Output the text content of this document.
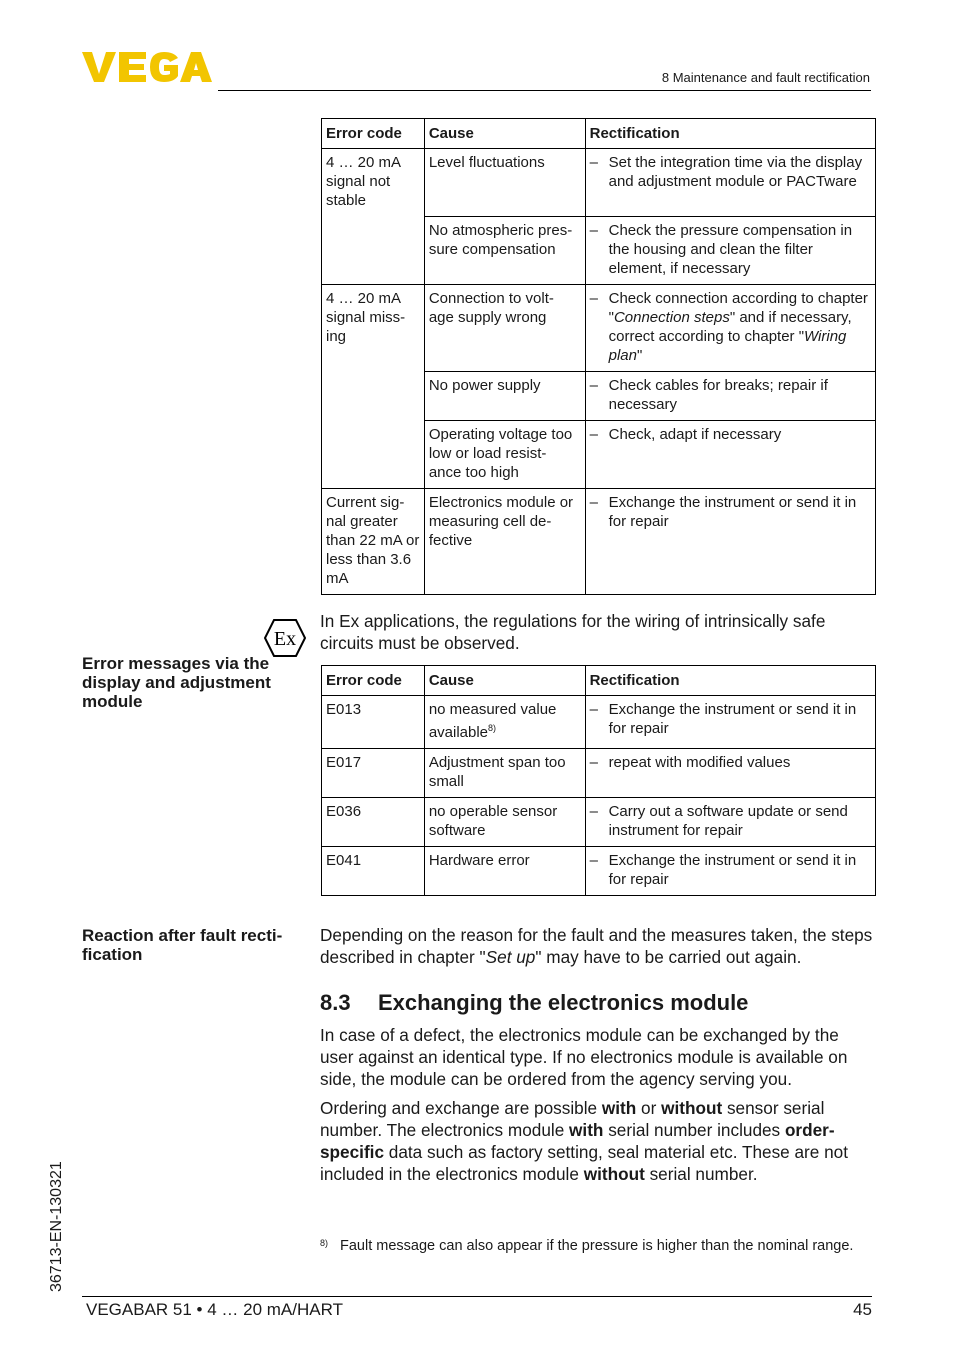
8 Maintenance and fault rectification
Error code	Cause	Rectification
4 … 20 mA signal not stable	Level fluctuations	– Set the integration time via the display and adjustment module or PACTware

	No atmospheric pres- sure compensation	– Check the pressure compensation in the housing and clean the filter element, if necessary

4 … 20 mA signal miss- ing	Connection to volt- age supply wrong	– Check connection according to chapter "Connection steps" and if necessary, correct according to chapter "Wiring plan"

	No power supply	– Check cables for breaks; repair if necessary

	Operating voltage too low or load resist- ance too high	– Check, adapt if necessary

Current sig- nal greater than 22 mA or less than 3.6 mA	Electronics module or measuring cell de- fective	– Exchange the instrument or send it in for repair
Ex
In Ex applications, the regulations for the wiring of intrinsically safe circuits must be observed.
Error messages via the display and adjustment module
Error code	Cause	Rectification
E013	no measured value available$^{8)}$	– Exchange the instrument or send it in for repair

E017	Adjustment span too small	– repeat with modified values

E036	no operable sensor software	– Carry out a software update or send instrument for repair

E041	Hardware error	– Exchange the instrument or send it in for repair
Reaction after fault recti- fication
Depending on the reason for the fault and the measures taken, the steps described in chapter "Set up" may have to be carried out again.
8.3 Exchanging the electronics module

In case of a defect, the electronics module can be exchanged by the user against an identical type. If no electronics module is available on side, the module can be ordered from the agency serving you.

Ordering and exchange are possible with or without sensor serial number. The electronics module with serial number includes order-specific data such as factory setting, seal material etc. These are not included in the electronics module without serial number.

8) Fault message can also appear if the pressure is higher than the nominal range.
36713-EN-130321
VEGABAR 51 • 4 … 20 mA/HART	45
